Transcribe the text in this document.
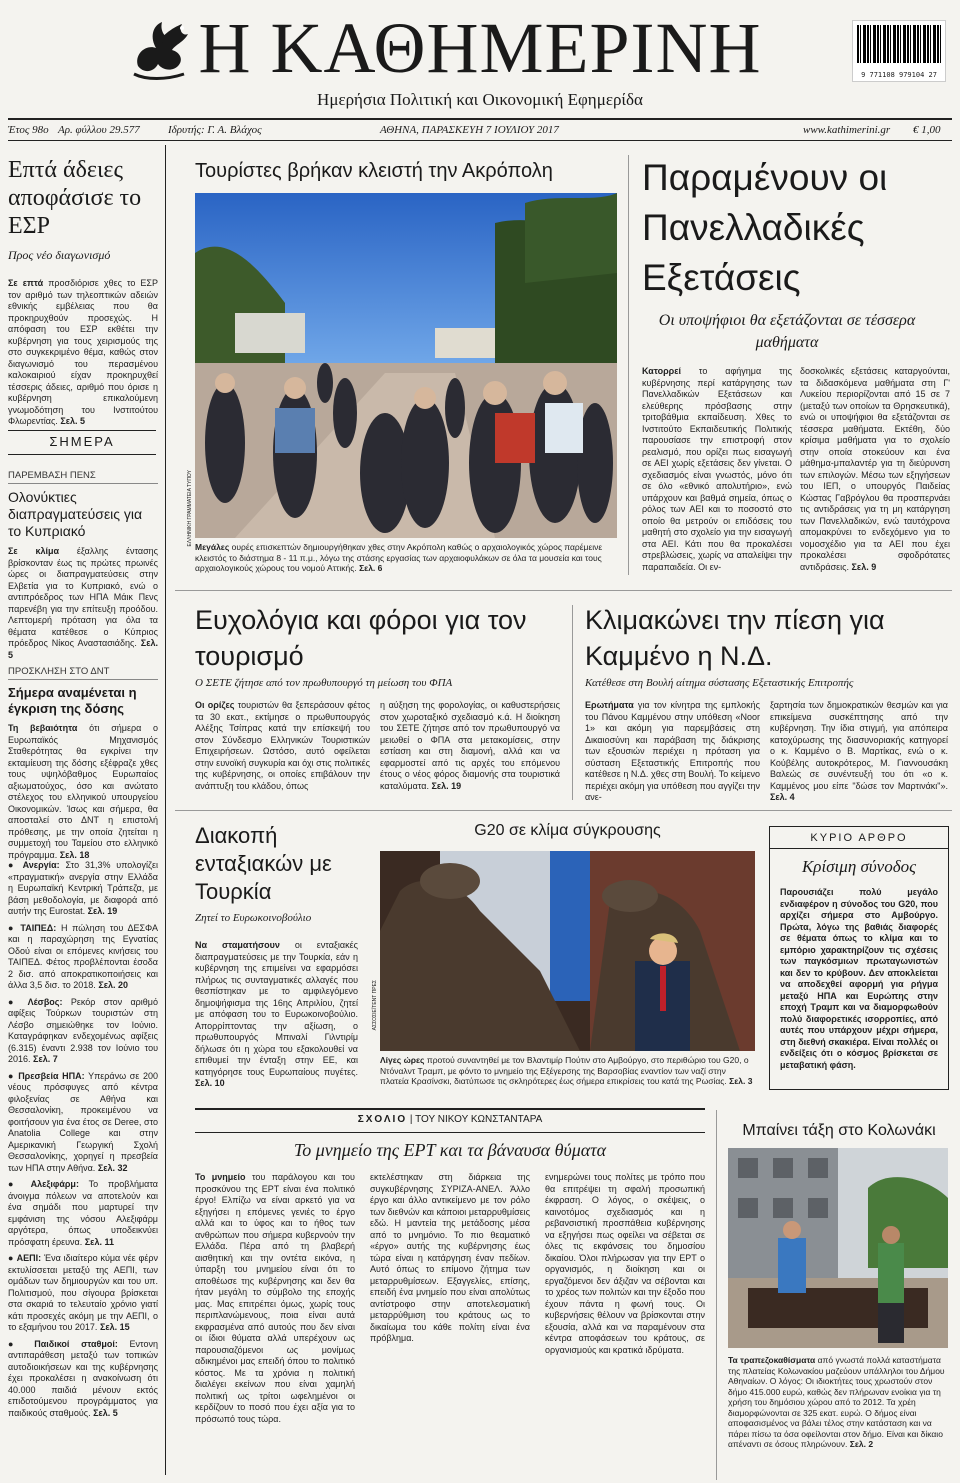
Η ΚΑΘΗΜΕΡΙΝΗ
Ημερήσια Πολιτική και Οικονομική Εφημερίδα
9 771108 979104 27
Έτος 98ο Αρ. φύλλου 29.577	Ιδρυτής: Γ. Α. Βλάχος	ΑΘΗΝΑ, ΠΑΡΑΣΚΕΥΗ 7 ΙΟΥΛΙΟΥ 2017	www.kathimerini.gr € 1,00
Επτά άδειες αποφάσισε το ΕΣΡ
Προς νέο διαγωνισμό
Σε επτά προσδιόρισε χθες το ΕΣΡ τον αριθμό των τηλεοπτικών αδειών εθνικής εμβέλειας που θα προκηρυχθούν προσεχώς. Η απόφαση του ΕΣΡ εκθέτει την κυβέρνηση για τους χειρισμούς της στο συγκεκριμένο θέμα, καθώς στον διαγωνισμό του περασμένου καλοκαιριού είχαν προκηρυχθεί τέσσερις άδειες, αριθμό που όρισε η κυβέρνηση επικαλούμενη γνωμοδότηση του Ινστιτούτου Φλωρεντίας. Σελ. 5
ΣΗΜΕΡΑ
ΠΑΡΕΜΒΑΣΗ ΠΕΝΣ
Ολονύκτιες διαπραγματεύσεις για το Κυπριακό
Σε κλίμα έξαλλης έντασης βρίσκονταν έως τις πρώτες πρωινές ώρες οι διαπραγματεύσεις στην Ελβετία για το Κυπριακό, ενώ ο αντιπρόεδρος των ΗΠΑ Μάικ Πενς παρενέβη για την επίτευξη προόδου. Λεπτομερή πρόταση για όλα τα θέματα κατέθεσε ο Κύπριος πρόεδρος Νίκος Αναστασιάδης. Σελ. 5
ΠΡΟΣΚΛΗΣΗ ΣΤΟ ΔΝΤ
Σήμερα αναμένεται η έγκριση της δόσης
Τη βεβαιότητα ότι σήμερα ο Ευρωπαϊκός Μηχανισμός Σταθερότητας θα εγκρίνει την εκταμίευση της δόσης εξέφραζε χθες τους υψηλόβαθμος Ευρωπαίος αξιωματούχος, όσο και ανώτατο στέλεχος του ελληνικού υπουργείου Οικονομικών. Ίσως και σήμερα, θα αποσταλεί στο ΔΝΤ η επιστολή πρόθεσης, με την οποία ζητείται η συμμετοχή του Ταμείου στο ελληνικό πρόγραμμα. Σελ. 18
● Ανεργία: Στο 31,3% υπολογίζει «πραγματική» ανεργία στην Ελλάδα η Ευρωπαϊκή Κεντρική Τράπεζα, με βάση μεθοδολογία, με διαφορά από αυτήν της Eurostat. Σελ. 19
● ΤΑΙΠΕΔ: Η πώληση του ΔΕΣΦΑ και η παραχώρηση της Εγνατίας Οδού είναι οι επόμενες κινήσεις του ΤΑΙΠΕΔ. Φέτος προβλέπονται έσοδα 2 δισ. από αποκρατικοποιήσεις και άλλα 3,5 δισ. το 2018. Σελ. 20
● Λέσβος: Ρεκόρ στον αριθμό αφίξεις Τούρκων τουριστών στη Λέσβο σημειώθηκε τον Ιούνιο. Καταγράφηκαν ενδεχομένως αφίξεις (6.315) έναντι 2.938 τον Ιούνιο του 2016. Σελ. 7
● Πρεσβεία ΗΠΑ: Υπεράνω σε 200 νέους πρόσφυγες από κέντρα φιλοξενίας σε Αθήνα και Θεσσαλονίκη, προκειμένου να φοιτήσουν για ένα έτος σε Deree, στο Anatolia College και στην Αμερικανική Γεωργική Σχολή Θεσσαλονίκης, χορηγεί η πρεσβεία των ΗΠΑ στην Αθήνα. Σελ. 32
● Αλεξιφάρμ: Το προβλήματα άνοιγμα πόλεων να αποτελούν και ένα σημάδι που μαρτυρεί την εμφάνιση της νόσου Αλεξιφάρμ αργότερα, όπως υποδεικνύει πρόσφατη έρευνα. Σελ. 11
● ΑΕΠΙ: Ένα ιδιαίτερο κύμα νέε φέρν εκτυλίσσεται μεταξύ της ΑΕΠΙ, των ομάδων των δημιουργών και του υπ. Πολιτισμού, που σίγουρα βρίσκεται στα σκαριά το τελευταίο χρόνιο γιατί κάτι προσεχές ακόμη με την ΑΕΠΙ, ο το εξαμήνου του 2017. Σελ. 15
● Παιδικοί σταθμοί: Εντονη αντιπαράθεση μεταξύ των τοπικών αυτοδιοικήσεων και της κυβέρνησης έχει προκαλέσει η ανακοίνωση ότι 40.000 παιδιά μένουν εκτός επιδοτούμενου προγράμματος για παιδικούς σταθμούς. Σελ. 5
Τουρίστες βρήκαν κλειστή την Ακρόπολη
ΕΛΛΗΝΙΚΗ ΓΡΑΜΜΑΤΕΙΑ ΤΥΠΟΥ
Μεγάλες ουρές επισκεπτών δημιουργήθηκαν χθες στην Ακρόπολη καθώς ο αρχαιολογικός χώρος παρέμεινε κλειστός το διάστημα 8 - 11 π.μ., λόγω της στάσης εργασίας των αρχαιοφυλάκων σε όλα τα μουσεία και τους αρχαιολογικούς χώρους του νομού Αττικής. Σελ. 6
Παραμένουν οι Πανελλαδικές Εξετάσεις
Οι υποψήφιοι θα εξετάζονται σε τέσσερα μαθήματα
Κατορρεί το αφήγημα της κυβέρνησης περί κατάργησης των Πανελλαδικών Εξετάσεων και ελεύθερης πρόσβασης στην τριτοβάθμια εκπαίδευση. Χθες το Ινστιτούτο Εκπαιδευτικής Πολιτικής παρουσίασε την επιστροφή στον ρεαλισμό, που ορίζει πως εισαγωγή σε ΑΕΙ χωρίς εξετάσεις δεν γίνεται. Ο σχεδιασμός είναι γνωστός, μόνο ότι σε όλο «εθνικό απολυτήριο», ενώ υπάρχουν και βαθμά σημεία, όπως ο ρόλος των ΑΕΙ και το ποσοστό στο οποίο θα μετρούν οι επιδόσεις του μαθητή στο σχολείο για την εισαγωγή στα ΑΕΙ. Κάτι που θα προκαλέσει στρεβλώσεις, χωρίς να απαλείψει την παραπαιδεία. Οι εν-
δοσκολικές εξετάσεις καταργούνται, τα διδασκόμενα μαθήματα στη Γ' Λυκείου περιορίζονται από 15 σε 7 (μεταξύ των οποίων τα Θρησκευτικά), ενώ οι υποψήφιοι θα εξετάζονται σε τέσσερα μαθήματα. Εκτέθη, δύο κρίσιμα μαθήματα για το σχολείο στην οποία στοκεύουν και ένα μάθημα-μπαλαντέρ για τη διεύρυνση των επιλογών. Μέσω των εξηγήσεων του ΙΕΠ, ο υπουργός Παιδείας Κώστας Γαβρόγλου θα προσπερνάει τις αντιδράσεις για τη μη κατάργηση των Πανελλαδικών, ενώ ταυτόχρονα απομακρύνει το ενδεχόμενο για το νομοσχέδιο για τα ΑΕΙ που έχει προκαλέσει σφοδρότατες αντιδράσεις. Σελ. 9
Ευχολόγια και φόροι για τον τουρισμό
Ο ΣΕΤΕ ζήτησε από τον πρωθυπουργό τη μείωση του ΦΠΑ
Οι ορίζες τουριστών θα ξεπεράσουν φέτος τα 30 εκατ., εκτίμησε ο πρωθυπουργός Αλέξης Τσίπρας κατά την επίσκεψή του στον Σύνδεσμο Ελληνικών Τουριστικών Επιχειρήσεων. Ωστόσο, αυτό οφείλεται στην ευνοϊκή συγκυρία και όχι στις πολιτικές της κυβέρνησης, οι οποίες επιβάλουν την ανάπτυξη του κλάδου, όπως
η αύξηση της φορολογίας, οι καθυστερήσεις στον χωροταξικό σχεδιασμό κ.ά. Η διοίκηση του ΣΕΤΕ ζήτησε από τον πρωθυπουργό να μειωθεί ο ΦΠΑ στα μετακομίσεις, στην εστίαση και στη διαμονή, αλλά και να εφαρμοστεί από τις αρχές του επόμενου έτους ο νέος φόρος διαμονής στα τουριστικά καταλύματα. Σελ. 19
Κλιμακώνει την πίεση για Καμμένο η Ν.Δ.
Κατέθεσε στη Βουλή αίτημα σύστασης Εξεταστικής Επιτροπής
Ερωτήματα για τον κίνητρα της εμπλοκής του Πάνου Καμμένου στην υπόθεση «Noor 1» και ακόμη για παρεμβάσεις στη Δικαιοσύνη και παράβαση της διάκρισης των εξουσιών περιέχει η πρόταση για σύσταση Εξεταστικής Επιτροπής που κατέθεσε η Ν.Δ. χθες στη Βουλή. Το κείμενο περιέχει ακόμη για υπόθεση που αγγίζει την ανε-
ξαρτησία των δημοκρατικών θεσμών και για επικείμενα συσκέπτησης από την κυβέρνηση. Την ίδια στιγμή, για απόπειρα κατοχύρωσης της διασυνοριακής κατηγορεί ο κ. Καμμένο ο Β. Μαρτίκας, ενώ ο κ. Κούβέλης αυτοκρότερος, Μ. Γιαννουσάκη Βαλεώς σε συνέντευξή του ότι «ο κ. Καμμένος μου είπε "δώσε τον Μαρτινάκι"». Σελ. 4
Διακοπή ενταξιακών με Τουρκία
Ζητεί το Ευρωκοινοβούλιο
Να σταματήσουν οι ενταξιακές διαπραγματεύσεις με την Τουρκία, εάν η κυβέρνηση της επιμείνει να εφαρμόσει πλήρως τις συνταγματικές αλλαγές που θεσπίστηκαν με το αμφιλεγόμενο δημοψήφισμα της 16ης Απριλίου, ζητεί με απόφαση του το Ευρωκοινοβούλιο. Απορρίπτοντας την αξίωση, ο πρωθυπουργός Μπιναλί Γιλντιρίμ δήλωσε ότι η χώρα του εξακολουθεί να επιθυμεί την ένταξη στην ΕΕ, και κατηγόρησε τους Ευρωπαίους πυγέτες. Σελ. 10
G20 σε κλίμα σύγκρουσης
ΑΣΣΟΣΙΕΪΤΕΝΤ ΠΡΕΣ
Λίγες ώρες προτού συναντηθεί με τον Βλαντιμίρ Πούτιν στο Αμβούργο, στο περιθώριο του G20, ο Ντόναλντ Τραμπ, με φόντο το μνημείο της Εξέγερσης της Βαρσοβίας εναντίον των ναζί στην πλατεία Κρασίνσκι, διατύπωσε τις σκληρότερες έως σήμερα επικρίσεις του κατά της Ρωσίας. Σελ. 3
ΚΥΡΙΟ ΑΡΘΡΟ
Κρίσιμη σύνοδος
Παρουσιάζει πολύ μεγάλο ενδιαφέρον η σύνοδος του G20, που αρχίζει σήμερα στο Αμβούργο. Πρώτα, λόγω της βαθιάς διαφορές σε θέματα όπως το κλίμα και το εμπόριο χαρακτηρίζουν τις σχέσεις των παγκόσμιων πρωταγωνιστών και δεν το κρύβουν. Δεν αποκλείεται να αποδεχθεί αφορμή για ρήγμα μεταξύ ΗΠΑ και Ευρώπης στην εποχή Τραμπ και να διαμορφωθούν πολύ διαφορετικές ισορροπίες, από αυτές που υπάρχουν μέχρι σήμερα, στη διεθνή σκακιέρα. Είναι πολλές οι ενδείξεις ότι ο κόσμος βρίσκεται σε μεταβατική φάση.
ΣΧΟΛΙΟ | ΤΟΥ ΝΙΚΟΥ ΚΩΝΣΤΑΝΤΑΡΑ
Το μνημείο της ΕΡΤ και τα βάναυσα θύματα
Το μνημείο του παράλογου και του προσκύνου της ΕΡΤ είναι ένα πολιτικό έργο! Ελπίζω να είναι αρκετό για να εξηγήσει η επόμενες γενιές το έργο αλλά και το ύφος και το ήθος των ανθρώπων που σήμερα κυβερνούν την Ελλάδα. Πέρα από τη βλαβερή αισθητική και την οντέτα εικόνα, η ύπαρξη του μνημείου είναι ότι το αποθέωσε της κυβέρνησης και δεν θα ήταν μεγάλη το σύμβολο της εποχής μας. Μας επιτρέπει όμως, χωρίς τους περιπλανώμενους, ποια είναι αυτά εκφρασμένα από αυτούς που δεν είναι οι ίδιοι θύματα αλλά υπερέχουν ως παρουσιαζόμενοι ως μονίμως αδικημένοι μας επειδή όπου το πολιτικό κόστος. Με τα χρόνια η πολιτική διαλέγει εκείνων που είναι χαμηλή πολιτική ως τρίτοι ωφελημένοι οι κερδίζουν το ποσό που έχει αξία για το πρόσωπό τους τώρα.
εκτελέστηκαν στη διάρκεια της συγκυβέρνησης ΣΥΡΙΖΑ-ΑΝΕΛ. Άλλο έργο και άλλο αντικείμενο με τον ρόλο των διεθνών και κάποιοι μεταρρυθμίσεις εδώ. Η μαντεία της μετάδοσης μέσα από το μνημόνιο. Το πιο θεαματικό «έργο» αυτής της κυβέρνησης έως τώρα είναι η κατάργηση έναν πεδίων. Αυτό όπως το επίμονο ζήτημα των μεταρρυθμίσεων. Εξαγγελίες, επίσης, επειδή ένα μνημείο που είναι απολύτως αντίστροφο στην αποτελεσματική μεταρρύθμιση του κράτους ως το δικαίωμα του κάθε πολίτη είναι ένα πρόβλημα.
ενημερώνει τους πολίτες με τρόπο που θα επιτρέψει τη σφαλή προσωπική έκφραση. Ο λόγος, ο σκέψεις, ο καινοτόμος σχεδιασμός και η ρεβανσιστική προσπάθεια κυβέρνησης να εξηγήσει πως οφείλει να σέβεται σε όλες τις εκφάνσεις του δημοσίου δικαίου. Όλοι πλήρωσαν για την ΕΡΤ ο οργανισμός, η διοίκηση και οι εργαζόμενοι δεν άξιζαν να σέβονται και το χρέος των πολιτών και την έξοδο που έχουν πάντα η φωνή τους. Οι κυβερνήσεις θέλουν να βρίσκονται στην εξουσία, αλλά και να παραμένουν στα κέντρα αποφάσεων του κράτους, σε οργανισμούς και κρατικά ιδρύματα.
Μπαίνει τάξη στο Κολωνάκι
Τα τραπεζοκαθίσματα από γνωστά πολλά καταστήματα της πλατείας Κολωνακίου μαζεύουν υπάλληλοι του Δήμου Αθηναίων. Ο λόγος: Οι ιδιοκτήτες τους χρωστούν στον δήμο 415.000 ευρώ, καθώς δεν πλήρωναν ενοίκια για τη χρήση του δημόσιου χώρου από το 2012. Τα χρέη διαμορφώνονται σε 325 εκατ. ευρώ. Ο δήμος είναι αποφασισμένος να βάλει τέλος στην κατάσταση και να πάρει πίσω τα όσα οφείλονται στον δήμο. Είναι και δίκαιο απέναντι σε όσους πληρώνουν. Σελ. 2
